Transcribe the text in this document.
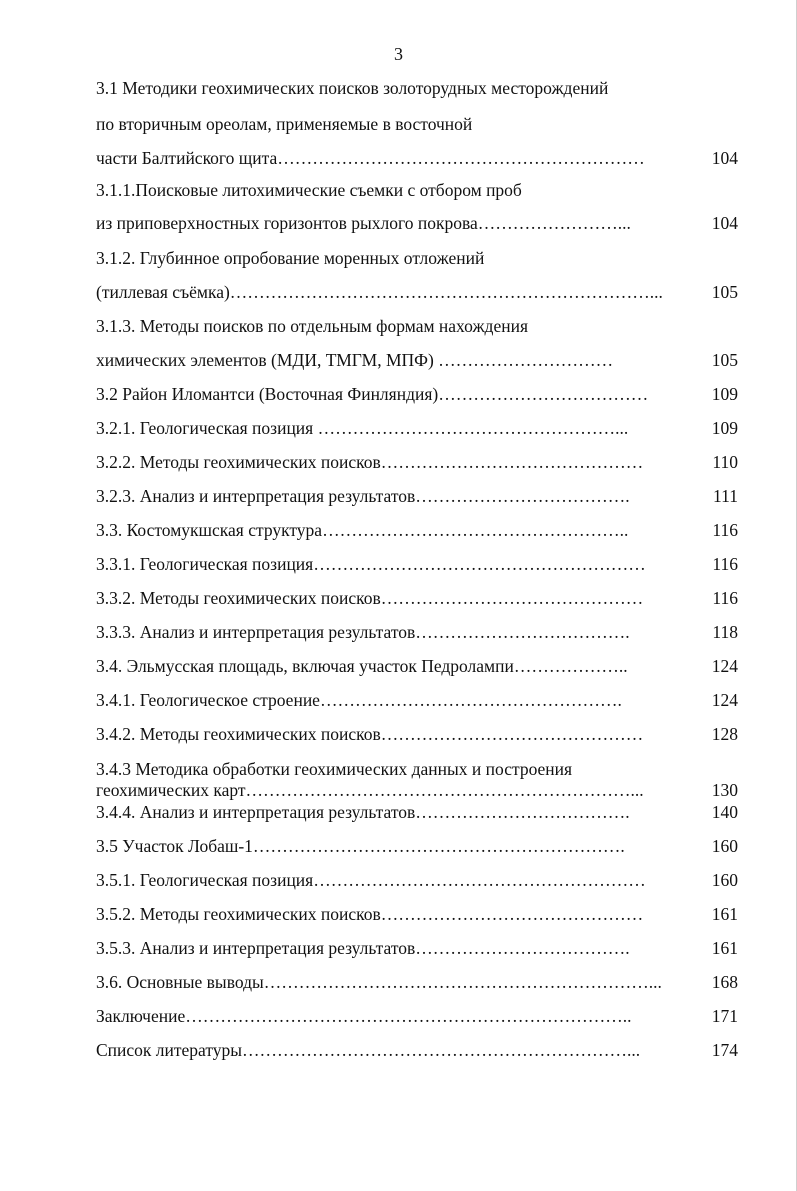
3
3.1 Методики геохимических поисков золоторудных месторождений
по вторичным ореолам, применяемые в восточной
части Балтийского щита………………………………………………………	104
3.1.1.Поисковые литохимические съемки с отбором проб
из приповерхностных горизонтов рыхлого покрова……………………...	104
3.1.2. Глубинное опробование моренных отложений
(тиллевая съёмка)………………………………………………………………...	105
3.1.3. Методы поисков по отдельным формам нахождения
химических элементов (МДИ, ТМГМ, МПФ) …………………………	105
3.2 Район Иломантси (Восточная Финляндия)………………………………	109
3.2.1. Геологическая позиция ……………………………………………...	109
3.2.2. Методы геохимических поисков………………………………………	110
3.2.3. Анализ и интерпретация результатов……………………………….	111
3.3. Костомукшская структура……………………………………………..	116
3.3.1. Геологическая позиция…………………………………………………	116
3.3.2. Методы геохимических поисков………………………………………	116
3.3.3. Анализ и интерпретация результатов……………………………….	118
3.4. Эльмусская площадь, включая участок Педролампи………………..	124
3.4.1. Геологическое строение…………………………………………….	124
3.4.2. Методы геохимических поисков………………………………………	128
3.4.3 Методика обработки геохимических данных и построения
геохимических карт…………………………………………………………...	130
3.4.4. Анализ и интерпретация результатов……………………………….	140
3.5 Участок Лобаш-1……………………………………………………….	160
3.5.1. Геологическая позиция…………………………………………………	160
3.5.2. Методы геохимических поисков………………………………………	161
3.5.3. Анализ и интерпретация результатов……………………………….	161
3.6. Основные выводы…………………………………………………………...	168
Заключение…………………………………………………………………..	171
Список литературы…………………………………………………………...	174
